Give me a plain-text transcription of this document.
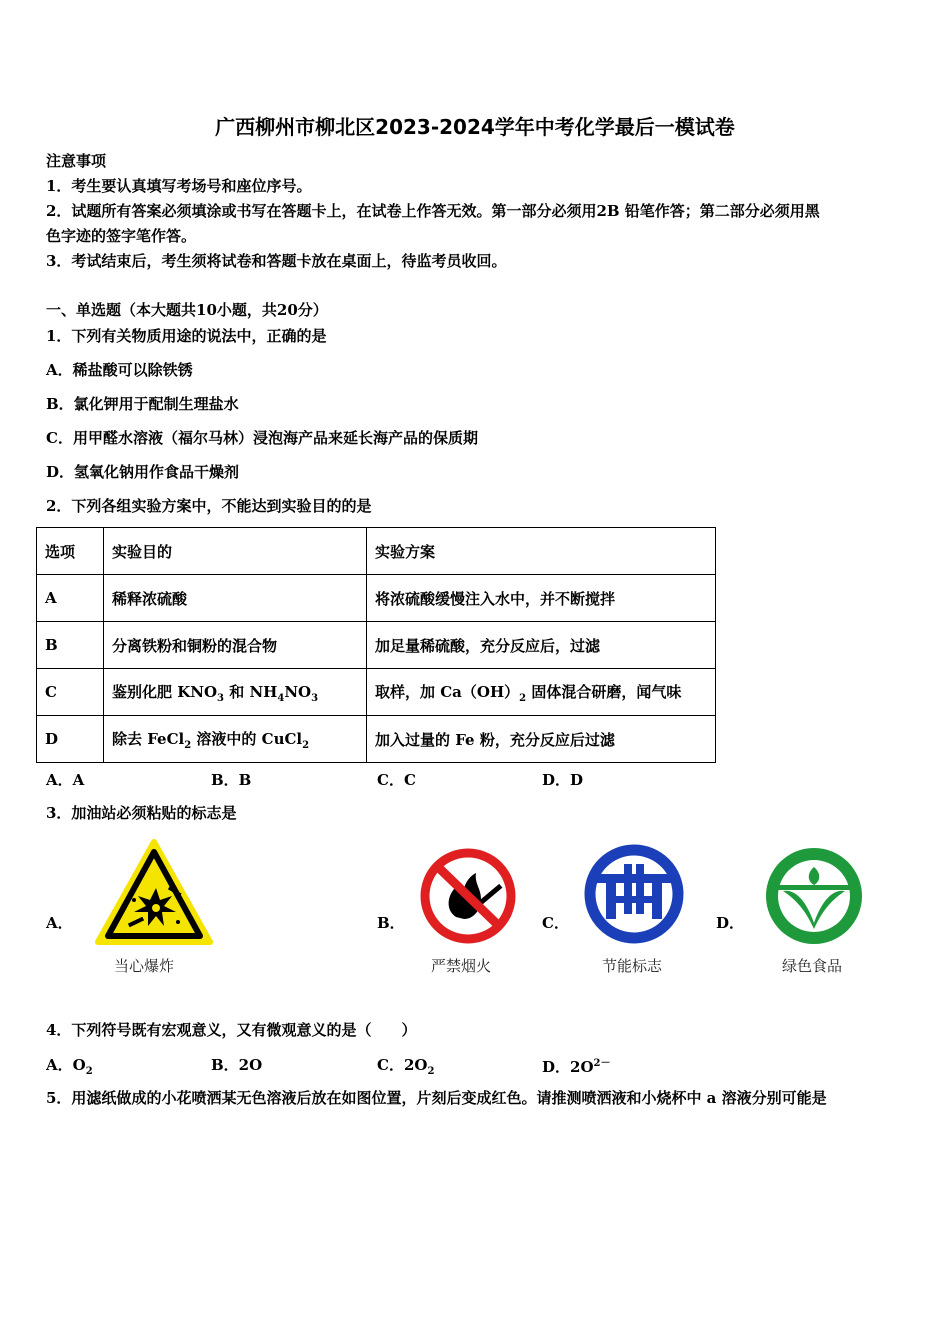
广西柳州市柳北区2023-2024学年中考化学最后一模试卷
注意事项
1．考生要认真填写考场号和座位序号。
2．试题所有答案必须填涂或书写在答题卡上，在试卷上作答无效。第一部分必须用2B 铅笔作答；第二部分必须用黑
色字迹的签字笔作答。
3．考试结束后，考生须将试卷和答题卡放在桌面上，待监考员收回。
一、单选题（本大题共10小题，共20分）
1．下列有关物质用途的说法中，正确的是
A．稀盐酸可以除铁锈
B．氯化钾用于配制生理盐水
C．用甲醛水溶液（福尔马林）浸泡海产品来延长海产品的保质期
D．氢氧化钠用作食品干燥剂
2．下列各组实验方案中，不能达到实验目的的是
选项	实验目的	实验方案
A	稀释浓硫酸	将浓硫酸缓慢注入水中，并不断搅拌
B	分离铁粉和铜粉的混合物	加足量稀硫酸，充分反应后，过滤
C	鉴别化肥 $KNO_3$ 和 $NH_4NO_3$	取样，加 $Ca(OH)_2$ 固体混合研磨，闻气味
D	除去 FeCl$_2$ 溶液中的 CuCl$_2$	加入过量的 Fe 粉，充分反应后过滤
A．A	B．B	C．C	D．D
3．加油站必须粘贴的标志是
A．	B．	C．	D．
当心爆炸	严禁烟火	节能标志	绿色食品
4．下列符号既有宏观意义，又有微观意义的是（　　）
A．$O_2$	B．2O	C．$2O_2$	D．$2O^{2-}$
5．用滤纸做成的小花喷洒某无色溶液后放在如图位置，片刻后变成红色。请推测喷洒液和小烧杯中 a 溶液分别可能是
